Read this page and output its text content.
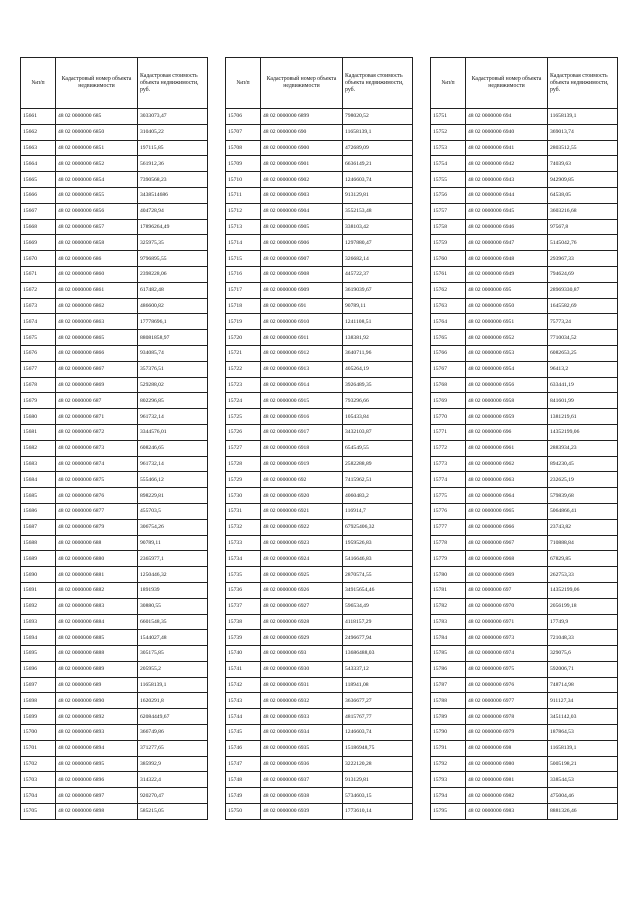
№п/п	Кадастровый номер объекта недвижимости	Кадастровая стоимость объекта недвижимости, руб.
15661	48 02 0000000 685	3033073,47
15662	48 02 0000000 6850	310405,22
15663	48 02 0000000 6851	197115,85
15664	48 02 0000000 6852	561912,36
15665	48 02 0000000 6854	7390568,23
15666	48 02 0000000 6855	3438514686
15667	48 02 0000000 6856	404728,94
15668	48 02 0000000 6857	17896264,49
15669	48 02 0000000 6858	325975,35
15670	48 02 0000000 686	9796895,55
15671	48 02 0000000 6860	2398228,06
15672	48 02 0000000 6861	617482,48
15673	48 02 0000000 6862	486600,82
15674	48 02 0000000 6863	17778696,1
15675	48 02 0000000 6865	88081858,97
15676	48 02 0000000 6866	934085,74
15677	48 02 0000000 6867	357376,51
15678	48 02 0000000 6869	529288,02
15679	48 02 0000000 687	802296,85
15680	48 02 0000000 6871	961732,14
15681	48 02 0000000 6872	3344576,01
15682	48 02 0000000 6873	608246,65
15683	48 02 0000000 6874	961732,14
15684	48 02 0000000 6875	555466,12
15685	48 02 0000000 6876	898229,81
15686	48 02 0000000 6877	455703,5
15687	48 02 0000000 6879	306754,26
15688	48 02 0000000 688	90789,11
15689	48 02 0000000 6880	2365977,1
15690	48 02 0000000 6881	1250446,32
15691	48 02 0000000 6882	1891939
15692	48 02 0000000 6883	30880,55
15693	48 02 0000000 6884	6601548,35
15694	48 02 0000000 6885	1544027,48
15695	48 02 0000000 6888	305175,85
15696	48 02 0000000 6889	205955,2
15697	48 02 0000000 689	11658139,1
15698	48 02 0000000 6890	1620291,8
15699	48 02 0000000 6892	62084449,67
15700	48 02 0000000 6893	366749,86
15701	48 02 0000000 6894	371277,65
15702	48 02 0000000 6895	385992,9
15703	48 02 0000000 6896	314322,4
15704	48 02 0000000 6897	920270,47
15705	48 02 0000000 6898	585215,05
№п/п	Кадастровый номер объекта недвижимости	Кадастровая стоимость объекта недвижимости, руб.
15706	48 02 0000000 6899	798020,52
15707	48 02 0000000 690	11658139,1
15708	48 02 0000000 6900	472689,09
15709	48 02 0000000 6901	6636149,21
15710	48 02 0000000 6902	1246603,74
15711	48 02 0000000 6903	913129,81
15712	48 02 0000000 6904	3552153,48
15713	48 02 0000000 6905	338103,42
15714	48 02 0000000 6906	1297880,47
15715	48 02 0000000 6907	326682,14
15716	48 02 0000000 6908	445722,37
15717	48 02 0000000 6909	3619039,67
15718	48 02 0000000 691	90789,11
15719	48 02 0000000 6910	1241108,51
15720	48 02 0000000 6911	138381,92
15721	48 02 0000000 6912	3640711,96
15722	48 02 0000000 6913	405264,19
15723	48 02 0000000 6914	3926489,35
15724	48 02 0000000 6915	793296,66
15725	48 02 0000000 6916	105433,84
15726	48 02 0000000 6917	3432103,87
15727	48 02 0000000 6918	654549,55
15728	48 02 0000000 6919	2582288,89
15729	48 02 0000000 692	7415962,51
15730	48 02 0000000 6920	4060483,2
15731	48 02 0000000 6921	116914,7
15732	48 02 0000000 6922	67925406,32
15733	48 02 0000000 6923	1959526,83
15734	48 02 0000000 6924	5416646,83
15735	48 02 0000000 6925	2870574,55
15736	48 02 0000000 6926	34915654,46
15737	48 02 0000000 6927	596534,49
15738	48 02 0000000 6928	4118157,29
15739	48 02 0000000 6929	2496677,94
15740	48 02 0000000 693	13686488,03
15741	48 02 0000000 6930	543337,12
15742	48 02 0000000 6931	118941,08
15743	48 02 0000000 6932	3636677,27
15744	48 02 0000000 6933	4815767,77
15745	48 02 0000000 6934	1246603,74
15746	48 02 0000000 6935	15186948,75
15747	48 02 0000000 6936	3222120,28
15748	48 02 0000000 6937	913129,81
15749	48 02 0000000 6938	5734603,15
15750	48 02 0000000 6939	1773610,14
№п/п	Кадастровый номер объекта недвижимости	Кадастровая стоимость объекта недвижимости, руб.
15751	48 02 0000000 694	11658139,1
15752	48 02 0000000 6940	369013,74
15753	48 02 0000000 6941	2803512,55
15754	48 02 0000000 6942	74039,63
15755	48 02 0000000 6943	942909,85
15756	48 02 0000000 6944	64538,05
15757	48 02 0000000 6945	3603216,68
15758	48 02 0000000 6946	97567,8
15759	48 02 0000000 6947	5145042,76
15760	48 02 0000000 6948	293967,33
15761	48 02 0000000 6949	794624,69
15762	48 02 0000000 695	28969330,87
15763	48 02 0000000 6950	1645582,69
15764	48 02 0000000 6951	75773,24
15765	48 02 0000000 6952	7710034,52
15766	48 02 0000000 6953	6082653,25
15767	48 02 0000000 6954	96413,2
15768	48 02 0000000 6956	633441,19
15769	48 02 0000000 6958	841601,99
15770	48 02 0000000 6959	1381219,61
15771	48 02 0000000 696	14352199,06
15772	48 02 0000000 6961	2883934,23
15773	48 02 0000000 6962	894230,45
15774	48 02 0000000 6963	232625,19
15775	48 02 0000000 6964	579839,68
15776	48 02 0000000 6965	5064866,41
15777	48 02 0000000 6966	23743,82
15778	48 02 0000000 6967	710888,84
15779	48 02 0000000 6968	67829,85
15780	48 02 0000000 6969	262753,33
15781	48 02 0000000 697	14352199,06
15782	48 02 0000000 6970	2056199,18
15783	48 02 0000000 6971	17749,9
15784	48 02 0000000 6973	721048,33
15785	48 02 0000000 6974	329075,6
15786	48 02 0000000 6975	592006,71
15787	48 02 0000000 6976	748714,98
15788	48 02 0000000 6977	911127,34
15789	48 02 0000000 6978	3451142,03
15790	48 02 0000000 6979	187864,53
15791	48 02 0000000 698	11658139,1
15792	48 02 0000000 6980	5005198,21
15793	48 02 0000000 6981	338544,53
15794	48 02 0000000 6982	475004,46
15795	48 02 0000000 6983	8881326,46
